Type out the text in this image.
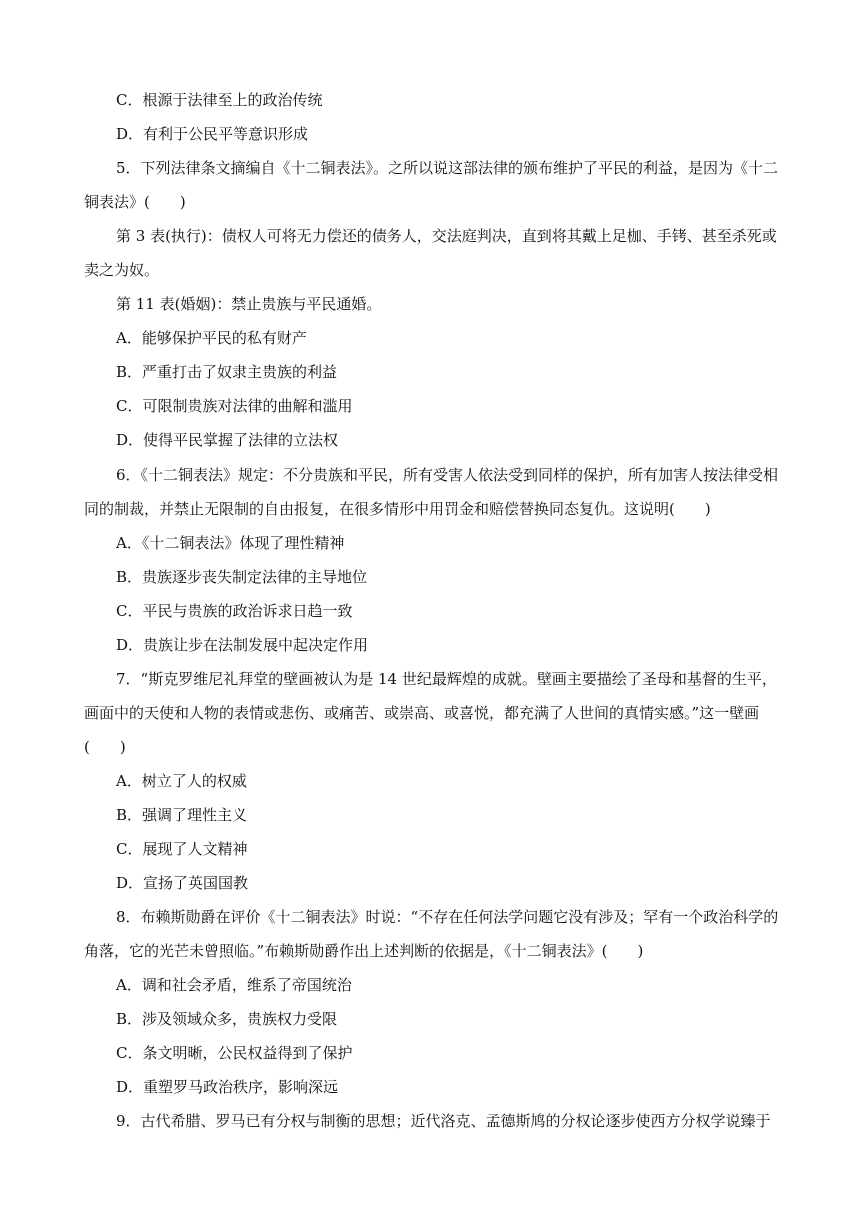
C．根源于法律至上的政治传统
D．有利于公民平等意识形成
5．下列法律条文摘编自《十二铜表法》。之所以说这部法律的颁布维护了平民的利益，是因为《十二
铜表法》(　　)
第 3 表(执行)：债权人可将无力偿还的债务人，交法庭判决，直到将其戴上足枷、手铐、甚至杀死或
卖之为奴。
第 11 表(婚姻)：禁止贵族与平民通婚。
A．能够保护平民的私有财产
B．严重打击了奴隶主贵族的利益
C．可限制贵族对法律的曲解和滥用
D．使得平民掌握了法律的立法权
6．《十二铜表法》规定：不分贵族和平民，所有受害人依法受到同样的保护，所有加害人按法律受相
同的制裁，并禁止无限制的自由报复，在很多情形中用罚金和赔偿替换同态复仇。这说明(　　)
A．《十二铜表法》体现了理性精神
B．贵族逐步丧失制定法律的主导地位
C．平民与贵族的政治诉求日趋一致
D．贵族让步在法制发展中起决定作用
7．“斯克罗维尼礼拜堂的壁画被认为是 14 世纪最辉煌的成就。壁画主要描绘了圣母和基督的生平，
画面中的天使和人物的表情或悲伤、或痛苦、或崇高、或喜悦，都充满了人世间的真情实感。”这一壁画
(　　)
A．树立了人的权威
B．强调了理性主义
C．展现了人文精神
D．宣扬了英国国教
8．布赖斯勋爵在评价《十二铜表法》时说：“不存在任何法学问题它没有涉及；罕有一个政治科学的
角落，它的光芒未曾照临。”布赖斯勋爵作出上述判断的依据是，《十二铜表法》(　　)
A．调和社会矛盾，维系了帝国统治
B．涉及领域众多，贵族权力受限
C．条文明晰，公民权益得到了保护
D．重塑罗马政治秩序，影响深远
9．古代希腊、罗马已有分权与制衡的思想；近代洛克、孟德斯鸠的分权论逐步使西方分权学说臻于
